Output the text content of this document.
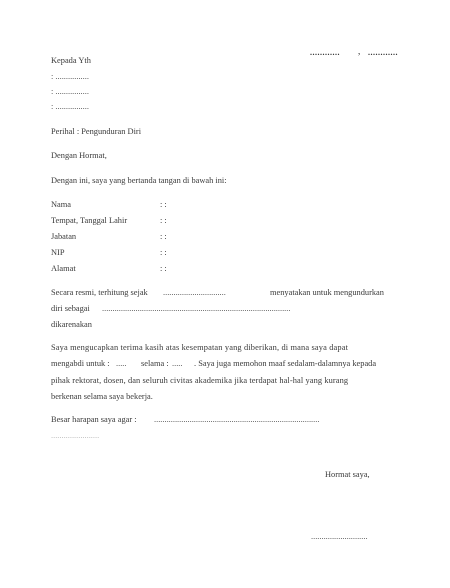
............ , ............
Kepada Yth
: ................
: ................
: ................
Perihal : Pengunduran Diri
Dengan Hormat,
Dengan ini, saya yang bertanda tangan di bawah ini:
Nama	: :
Tempat, Tanggal Lahir	: :
Jabatan	: :
NIP	: :
Alamat	: :
Secara resmi, terhitung sejak ..............................	menyatakan untuk mengundurkan
diri sebagai ..........................................................................................
dikarenakan
Saya mengucapkan terima kasih atas kesempatan yang diberikan, di mana saya dapat
mengabdi untuk : ..... selama : ..... . Saya juga memohon maaf sedalam-dalamnya kepada
pihak rektorat, dosen, dan seluruh civitas akademika jika terdapat hal-hal yang kurang
berkenan selama saya bekerja.
Besar harapan saya agar : ...............................................................................
.......................
Hormat saya,
...........................
